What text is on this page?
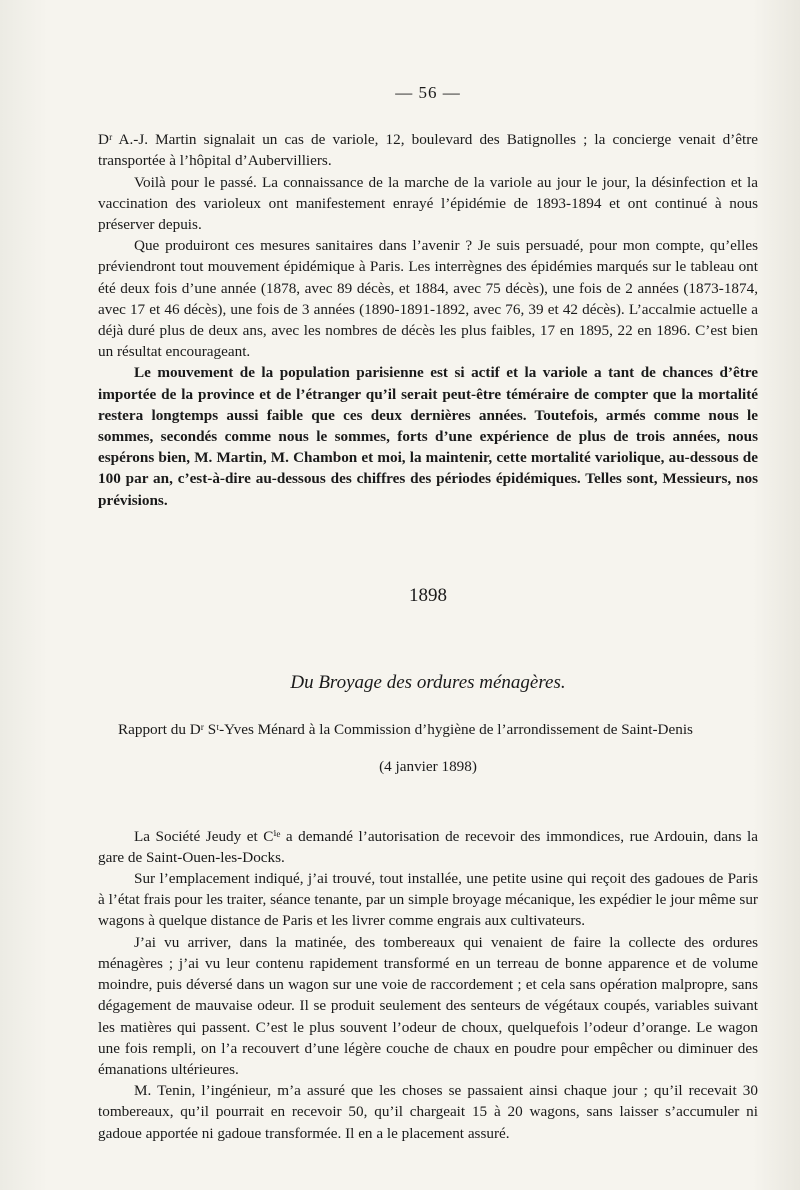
— 56 —

Dʳ A.-J. Martin signalait un cas de variole, 12, boulevard des Batignolles ; la concierge venait d’être transportée à l’hôpital d’Aubervilliers.

Voilà pour le passé. La connaissance de la marche de la variole au jour le jour, la désinfection et la vaccination des varioleux ont manifestement enrayé l’épidémie de 1893-1894 et ont continué à nous préserver depuis.

Que produiront ces mesures sanitaires dans l’avenir ? Je suis persuadé, pour mon compte, qu’elles préviendront tout mouvement épidémique à Paris. Les interrègnes des épidémies marqués sur le tableau ont été deux fois d’une année (1878, avec 89 décès, et 1884, avec 75 décès), une fois de 2 années (1873-1874, avec 17 et 46 décès), une fois de 3 années (1890-1891-1892, avec 76, 39 et 42 décès). L’accalmie actuelle a déjà duré plus de deux ans, avec les nombres de décès les plus faibles, 17 en 1895, 22 en 1896. C’est bien un résultat encourageant.

Le mouvement de la population parisienne est si actif et la variole a tant de chances d’être importée de la province et de l’étranger qu’il serait peut-être téméraire de compter que la mortalité restera longtemps aussi faible que ces deux dernières années. Toutefois, armés comme nous le sommes, secondés comme nous le sommes, forts d’une expérience de plus de trois années, nous espérons bien, M. Martin, M. Chambon et moi, la maintenir, cette mortalité variolique, au-dessous de 100 par an, c’est-à-dire au-dessous des chiffres des périodes épidémiques. Telles sont, Messieurs, nos prévisions.

1898
Du Broyage des ordures ménagères.
Rapport du Dʳ Sᵗ-Yves Ménard à la Commission d’hygiène de l’arrondissement de Saint-Denis
(4 janvier 1898)

La Société Jeudy et Cⁱᵉ a demandé l’autorisation de recevoir des immondices, rue Ardouin, dans la gare de Saint-Ouen-les-Docks.

Sur l’emplacement indiqué, j’ai trouvé, tout installée, une petite usine qui reçoit des gadoues de Paris à l’état frais pour les traiter, séance tenante, par un simple broyage mécanique, les expédier le jour même sur wagons à quelque distance de Paris et les livrer comme engrais aux cultivateurs.

J’ai vu arriver, dans la matinée, des tombereaux qui venaient de faire la collecte des ordures ménagères ; j’ai vu leur contenu rapidement transformé en un terreau de bonne apparence et de volume moindre, puis déversé dans un wagon sur une voie de raccordement ; et cela sans opération malpropre, sans dégagement de mauvaise odeur. Il se produit seulement des senteurs de végétaux coupés, variables suivant les matières qui passent. C’est le plus souvent l’odeur de choux, quelquefois l’odeur d’orange. Le wagon une fois rempli, on l’a recouvert d’une légère couche de chaux en poudre pour empêcher ou diminuer des émanations ultérieures.

M. Tenin, l’ingénieur, m’a assuré que les choses se passaient ainsi chaque jour ; qu’il recevait 30 tombereaux, qu’il pourrait en recevoir 50, qu’il chargeait 15 à 20 wagons, sans laisser s’accumuler ni gadoue apportée ni gadoue transformée. Il en a le placement assuré.
